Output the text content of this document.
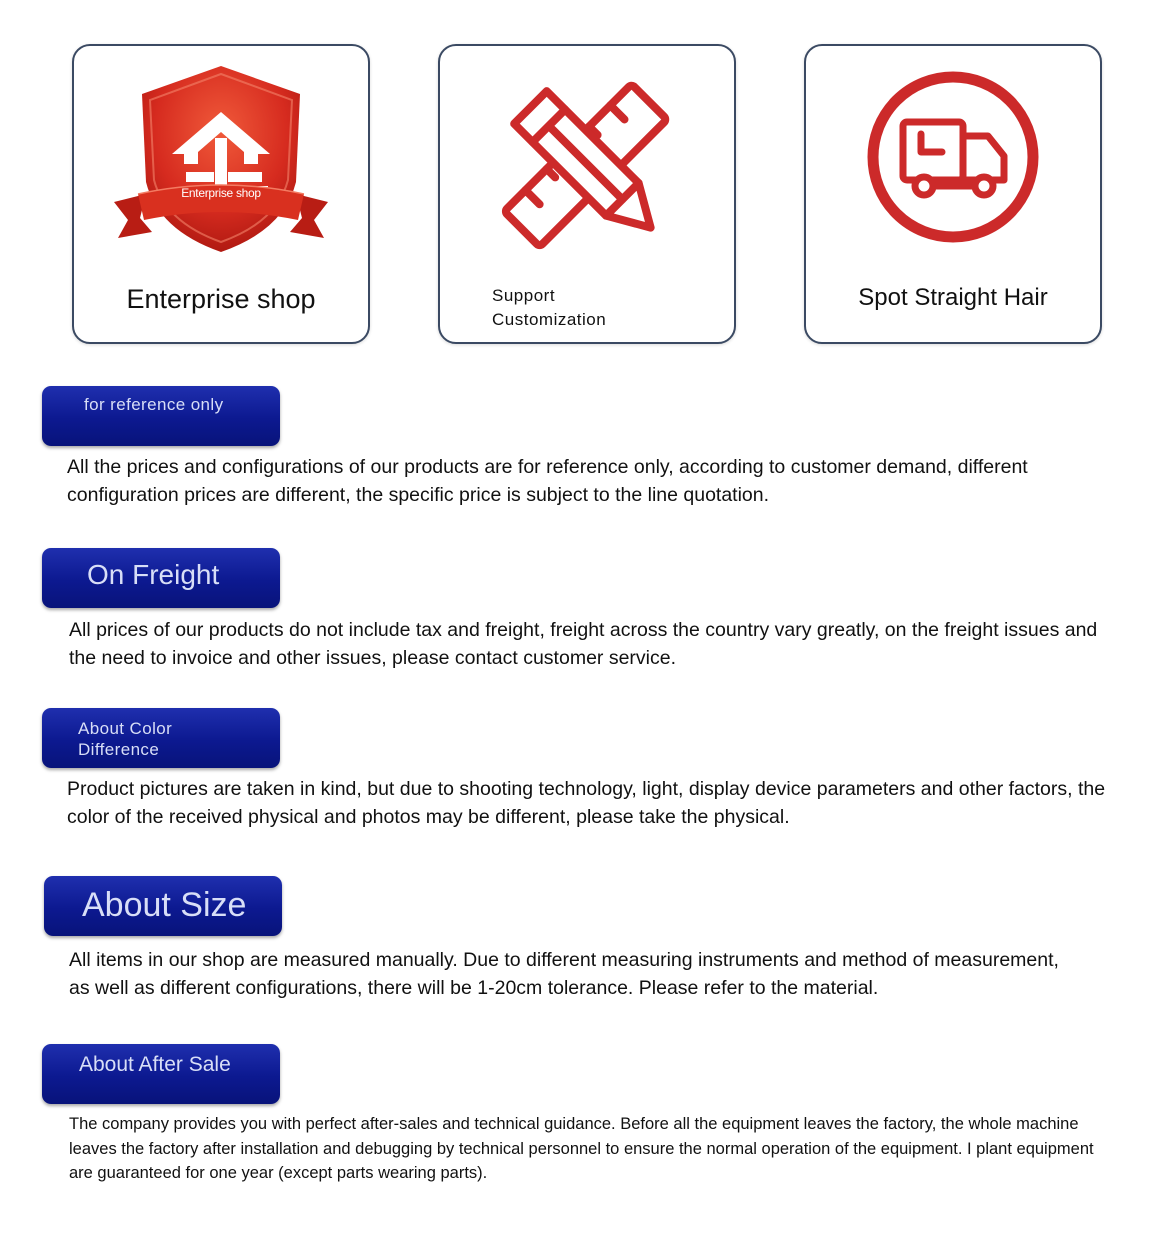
Enterprise shop
Enterprise shop	Support Customization
Spot Straight Hair
for reference only
All the prices and configurations of our products are for reference only, according to customer demand, different configuration prices are different, the specific price is subject to the line quotation.
On Freight
All prices of our products do not include tax and freight, freight across the country vary greatly, on the freight issues and the need to invoice and other issues, please contact customer service.
About Color Difference
Product pictures are taken in kind, but due to shooting technology, light, display device parameters and other factors, the color of the received physical and photos may be different, please take the physical.
About Size
All items in our shop are measured manually. Due to different measuring instruments and method of measurement, as well as different configurations, there will be 1-20cm tolerance. Please refer to the material.
About After Sale
The company provides you with perfect after-sales and technical guidance. Before all the equipment leaves the factory, the whole machine leaves the factory after installation and debugging by technical personnel to ensure the normal operation of the equipment. I plant equipment are guaranteed for one year (except parts wearing parts).
